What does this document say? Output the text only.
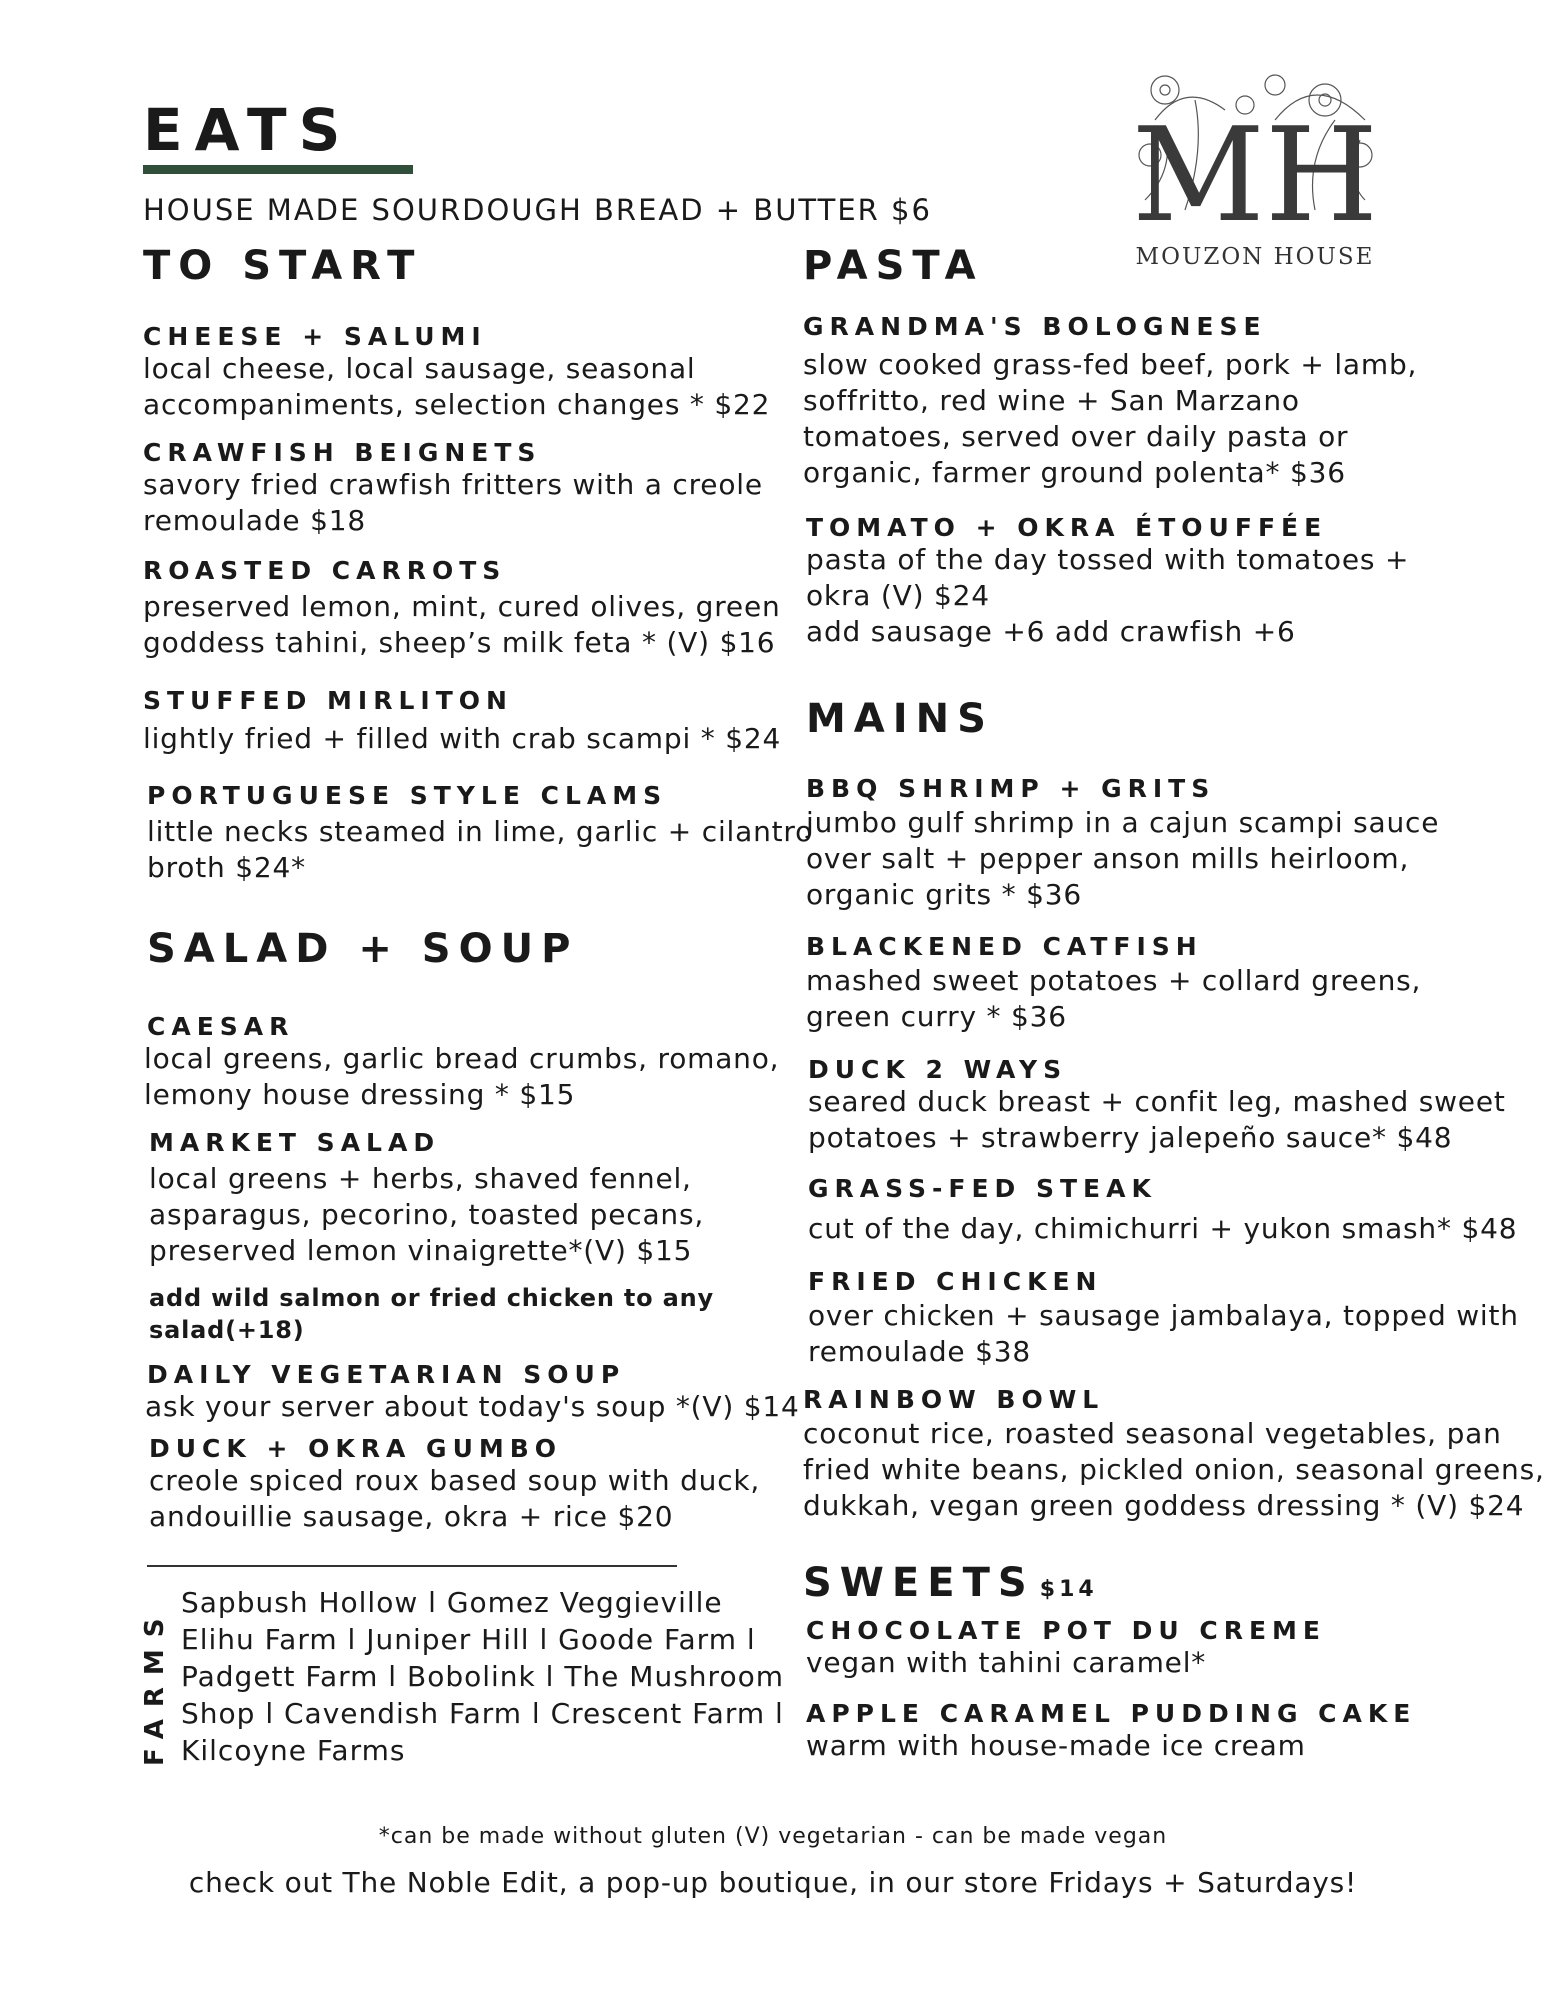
EATS
HOUSE MADE SOURDOUGH BREAD + BUTTER $6 MH
MOUZON HOUSE
TO START
CHEESE + SALUMI
local cheese, local sausage, seasonal
accompaniments, selection changes * $22
CRAWFISH BEIGNETS
savory fried crawfish fritters with a creole
remoulade $18
ROASTED CARROTS
preserved lemon, mint, cured olives, green
goddess tahini, sheep’s milk feta * (V) $16
STUFFED MIRLITON
lightly fried + filled with crab scampi * $24
PORTUGUESE STYLE CLAMS
little necks steamed in lime, garlic + cilantro
broth $24*
SALAD + SOUP
CAESAR
local greens, garlic bread crumbs, romano,
lemony house dressing * $15
MARKET SALAD
local greens + herbs, shaved fennel,
asparagus, pecorino, toasted pecans,
preserved lemon vinaigrette*(V) $15
add wild salmon or fried chicken to any
salad(+18)
DAILY VEGETARIAN SOUP
ask your server about today's soup *(V) $14
DUCK + OKRA GUMBO
creole spiced roux based soup with duck,
andouillie sausage, okra + rice $20
FARMS
Sapbush Hollow l Gomez Veggieville
Elihu Farm l Juniper Hill l Goode Farm l
Padgett Farm l Bobolink l The Mushroom
Shop l Cavendish Farm l Crescent Farm l
Kilcoyne Farms
PASTA
GRANDMA'S BOLOGNESE
slow cooked grass-fed beef, pork + lamb,
soffritto, red wine + San Marzano
tomatoes, served over daily pasta or
organic, farmer ground polenta* $36
TOMATO + OKRA ÉTOUFFÉE
pasta of the day tossed with tomatoes +
okra (V) $24
add sausage +6 add crawfish +6
MAINS
BBQ SHRIMP + GRITS
jumbo gulf shrimp in a cajun scampi sauce
over salt + pepper anson mills heirloom,
organic grits * $36
BLACKENED CATFISH
mashed sweet potatoes + collard greens,
green curry * $36
DUCK 2 WAYS
seared duck breast + confit leg, mashed sweet
potatoes + strawberry jalepeño sauce* $48
GRASS-FED STEAK
cut of the day, chimichurri + yukon smash* $48
FRIED CHICKEN
over chicken + sausage jambalaya, topped with
remoulade $38
RAINBOW BOWL
coconut rice, roasted seasonal vegetables, pan
fried white beans, pickled onion, seasonal greens,
dukkah, vegan green goddess dressing * (V) $24
SWEETS $14
CHOCOLATE POT DU CREME
vegan with tahini caramel*
APPLE CARAMEL PUDDING CAKE
warm with house-made ice cream
*can be made without gluten (V) vegetarian - can be made vegan
check out The Noble Edit, a pop-up boutique, in our store Fridays + Saturdays!
